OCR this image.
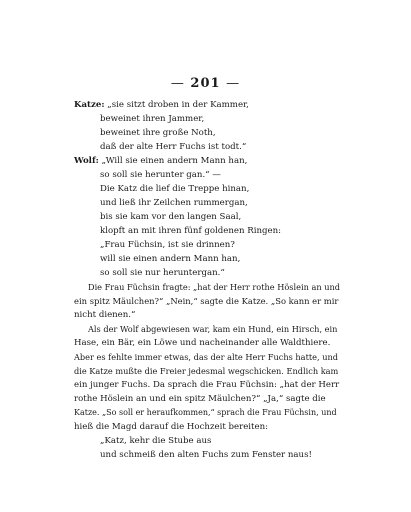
— 201 —
Katze: „sie sitzt droben in der Kammer,
beweinet ihren Jammer,
beweinet ihre große Noth,
daß der alte Herr Fuchs ist todt.“
Wolf: „Will sie einen andern Mann han,
so soll sie herunter gan.“ —
Die Katz die lief die Treppe hinan,
und ließ ihr Zeilchen rummergan,
bis sie kam vor den langen Saal,
klopft an mit ihren fünf goldenen Ringen:
„Frau Füchsin, ist sie drinnen?
will sie einen andern Mann han,
so soll sie nur heruntergan.“
Die Frau Füchsin fragte: „hat der Herr rothe Höslein an und
ein spitz Mäulchen?“ „Nein,“ sagte die Katze. „So kann er mir
nicht dienen.“
Als der Wolf abgewiesen war, kam ein Hund, ein Hirsch, ein
Hase, ein Bär, ein Löwe und nacheinander alle Waldthiere.
Aber es fehlte immer etwas, das der alte Herr Fuchs hatte, und
die Katze mußte die Freier jedesmal wegschicken. Endlich kam
ein junger Fuchs. Da sprach die Frau Füchsin: „hat der Herr
rothe Höslein an und ein spitz Mäulchen?“ „Ja,“ sagte die
Katze. „So soll er heraufkommen,“ sprach die Frau Füchsin, und
hieß die Magd darauf die Hochzeit bereiten:
„Katz, kehr die Stube aus
und schmeiß den alten Fuchs zum Fenster naus!
